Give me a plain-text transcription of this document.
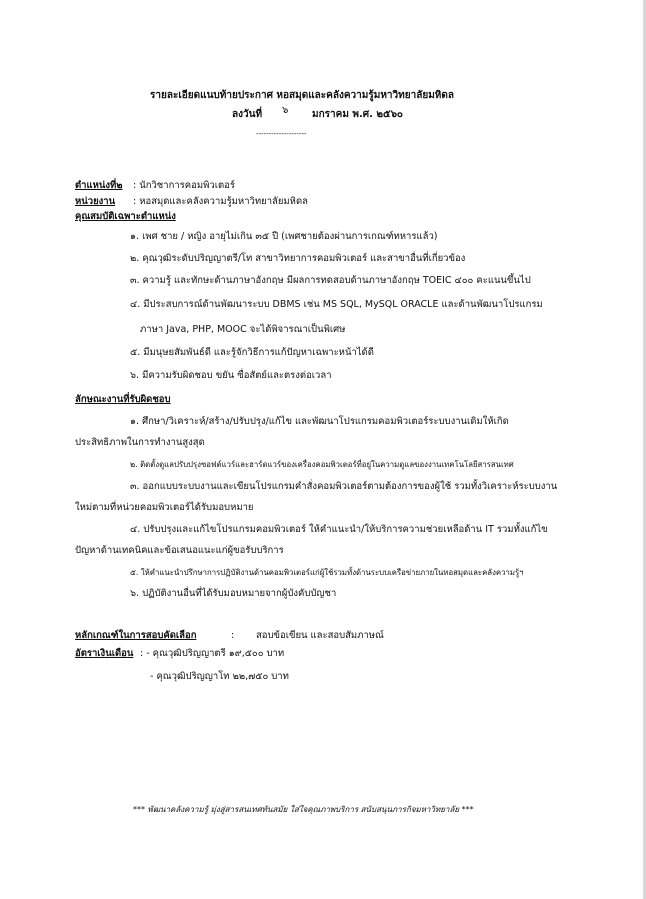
รายละเอียดแนบท้ายประกาศ หอสมุดและคลังความรู้มหาวิทยาลัยมหิดล
ลงวันที่ ๖ มกราคม พ.ศ. ๒๕๖๐
--------------------
ตำแหน่งที่๒ : นักวิชาการคอมพิวเตอร์
หน่วยงาน : หอสมุดและคลังความรู้มหาวิทยาลัยมหิดล
คุณสมบัติเฉพาะตำแหน่ง
๑. เพศ ชาย / หญิง อายุไม่เกิน ๓๕ ปี (เพศชายต้องผ่านการเกณฑ์ทหารแล้ว)
๒. คุณวุฒิระดับปริญญาตรี/โท สาขาวิทยาการคอมพิวเตอร์ และสาขาอื่นที่เกี่ยวข้อง
๓. ความรู้ และทักษะด้านภาษาอังกฤษ มีผลการทดสอบด้านภาษาอังกฤษ TOEIC ๔๐๐ คะแนนขึ้นไป
๔. มีประสบการณ์ด้านพัฒนาระบบ DBMS เช่น MS SQL, MySQL ORACLE และด้านพัฒนาโปรแกรม
ภาษา Java, PHP, MOOC จะได้พิจารณาเป็นพิเศษ
๕. มีมนุษยสัมพันธ์ดี และรู้จักวิธีการแก้ปัญหาเฉพาะหน้าได้ดี
๖. มีความรับผิดชอบ ขยัน ซื่อสัตย์และตรงต่อเวลา
ลักษณะงานที่รับผิดชอบ
๑. ศึกษา/วิเคราะห์/สร้าง/ปรับปรุง/แก้ไข และพัฒนาโปรแกรมคอมพิวเตอร์ระบบงานเดิมให้เกิด
ประสิทธิภาพในการทำงานสูงสุด
๒. ติดตั้งดูแลปรับปรุงซอฟต์แวร์และฮาร์ดแวร์ของเครื่องคอมพิวเตอร์ที่อยู่ในความดูแลของงานเทคโนโลยีสารสนเทศ
๓. ออกแบบระบบงานและเขียนโปรแกรมคำสั่งคอมพิวเตอร์ตามต้องการของผู้ใช้ รวมทั้งวิเคราะห์ระบบงาน
ใหม่ตามที่หน่วยคอมพิวเตอร์ได้รับมอบหมาย
๔. ปรับปรุงและแก้ไขโปรแกรมคอมพิวเตอร์ ให้คำแนะนำ/ให้บริการความช่วยเหลือด้าน IT รวมทั้งแก้ไข
ปัญหาด้านเทคนิคและข้อเสนอแนะแก่ผู้ขอรับบริการ
๕. ให้คำแนะนำปรึกษาการปฏิบัติงานด้านคอมพิวเตอร์แก่ผู้ใช้รวมทั้งด้านระบบเครือข่ายภายในหอสมุดและคลังความรู้ฯ
๖. ปฏิบัติงานอื่นที่ได้รับมอบหมายจากผู้บังคับบัญชา
หลักเกณฑ์ในการสอบคัดเลือก	: สอบข้อเขียน และสอบสัมภาษณ์
อัตราเงินเดือน : - คุณวุฒิปริญญาตรี ๑๙,๕๐๐ บาท
- คุณวุฒิปริญญาโท ๒๒,๗๕๐ บาท
*** พัฒนาคลังความรู้ มุ่งสู่สารสนเทศทันสมัย ใส่ใจคุณภาพบริการ สนับสนุนภารกิจมหาวิทยาลัย ***
